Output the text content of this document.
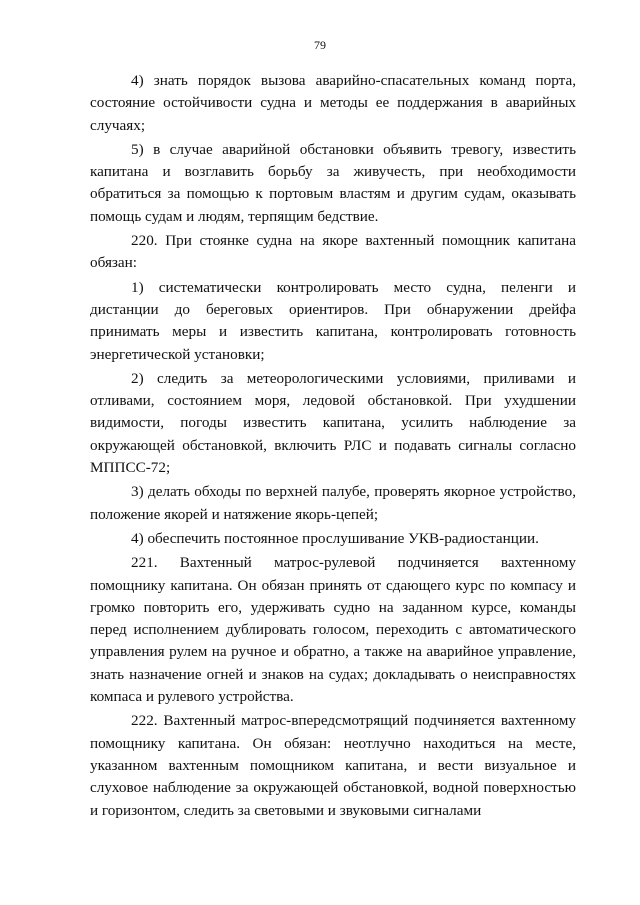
79

4) знать порядок вызова аварийно-спасательных команд порта, состояние остойчивости судна и методы ее поддержания в аварийных случаях;

5) в случае аварийной обстановки объявить тревогу, известить капитана и возглавить борьбу за живучесть, при необходимости обратиться за помощью к портовым властям и другим судам, оказывать помощь судам и людям, терпящим бедствие.

220. При стоянке судна на якоре вахтенный помощник капитана обязан:

1) систематически контролировать место судна, пеленги и дистанции до береговых ориентиров. При обнаружении дрейфа принимать меры и известить капитана, контролировать готовность энергетической установки;

2) следить за метеорологическими условиями, приливами и отливами, состоянием моря, ледовой обстановкой. При ухудшении видимости, погоды известить капитана, усилить наблюдение за окружающей обстановкой, включить РЛС и подавать сигналы согласно МППСС-72;

3) делать обходы по верхней палубе, проверять якорное устройство, положение якорей и натяжение якорь-цепей;

4) обеспечить постоянное прослушивание УКВ-радиостанции.

221. Вахтенный матрос-рулевой подчиняется вахтенному помощнику капитана. Он обязан принять от сдающего курс по компасу и громко повторить его, удерживать судно на заданном курсе, команды перед исполнением дублировать голосом, переходить с автоматического управления рулем на ручное и обратно, а также на аварийное управление, знать назначение огней и знаков на судах; докладывать о неисправностях компаса и рулевого устройства.

222. Вахтенный матрос-впередсмотрящий подчиняется вахтенному помощнику капитана. Он обязан: неотлучно находиться на месте, указанном вахтенным помощником капитана, и вести визуальное и слуховое наблюдение за окружающей обстановкой, водной поверхностью и горизонтом, следить за световыми и звуковыми сигналами
